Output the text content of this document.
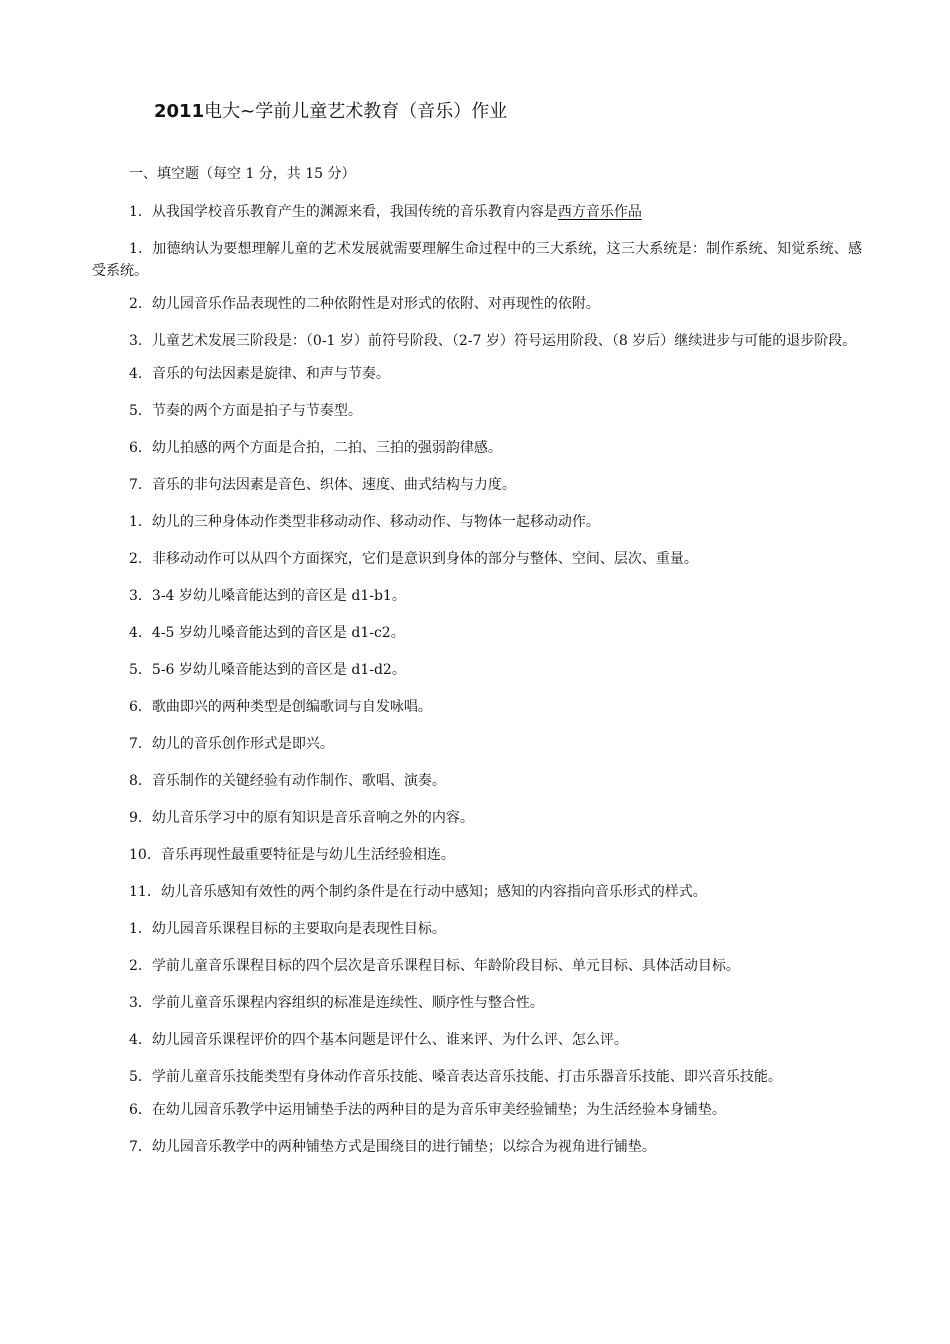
2011电大~学前儿童艺术教育（音乐）作业

一、填空题（每空 1 分，共 15 分）

1．从我国学校音乐教育产生的渊源来看，我国传统的音乐教育内容是西方音乐作品

1．加德纳认为要想理解儿童的艺术发展就需要理解生命过程中的三大系统，这三大系统是：制作系统、知觉系统、感受系统。

2．幼儿园音乐作品表现性的二种依附性是对形式的依附、对再现性的依附。

3．儿童艺术发展三阶段是：（0-1 岁）前符号阶段、（2-7 岁）符号运用阶段、（8 岁后）继续进步与可能的退步阶段。

4．音乐的句法因素是旋律、和声与节奏。

5．节奏的两个方面是拍子与节奏型。

6．幼儿拍感的两个方面是合拍，二拍、三拍的强弱韵律感。

7．音乐的非句法因素是音色、织体、速度、曲式结构与力度。

1．幼儿的三种身体动作类型非移动动作、移动动作、与物体一起移动动作。

2．非移动动作可以从四个方面探究，它们是意识到身体的部分与整体、空间、层次、重量。

3．3-4 岁幼儿嗓音能达到的音区是 d1-b1。

4．4-5 岁幼儿嗓音能达到的音区是 d1-c2。

5．5-6 岁幼儿嗓音能达到的音区是 d1-d2。

6．歌曲即兴的两种类型是创编歌词与自发咏唱。

7．幼儿的音乐创作形式是即兴。

8．音乐制作的关键经验有动作制作、歌唱、演奏。

9．幼儿音乐学习中的原有知识是音乐音响之外的内容。

10．音乐再现性最重要特征是与幼儿生活经验相连。

11．幼儿音乐感知有效性的两个制约条件是在行动中感知；感知的内容指向音乐形式的样式。

1．幼儿园音乐课程目标的主要取向是表现性目标。

2．学前儿童音乐课程目标的四个层次是音乐课程目标、年龄阶段目标、单元目标、具体活动目标。

3．学前儿童音乐课程内容组织的标准是连续性、顺序性与整合性。

4．幼儿园音乐课程评价的四个基本问题是评什么、谁来评、为什么评、怎么评。

5．学前儿童音乐技能类型有身体动作音乐技能、嗓音表达音乐技能、打击乐器音乐技能、即兴音乐技能。

6．在幼儿园音乐教学中运用铺垫手法的两种目的是为音乐审美经验铺垫；为生活经验本身铺垫。

7．幼儿园音乐教学中的两种铺垫方式是围绕目的进行铺垫；以综合为视角进行铺垫。
